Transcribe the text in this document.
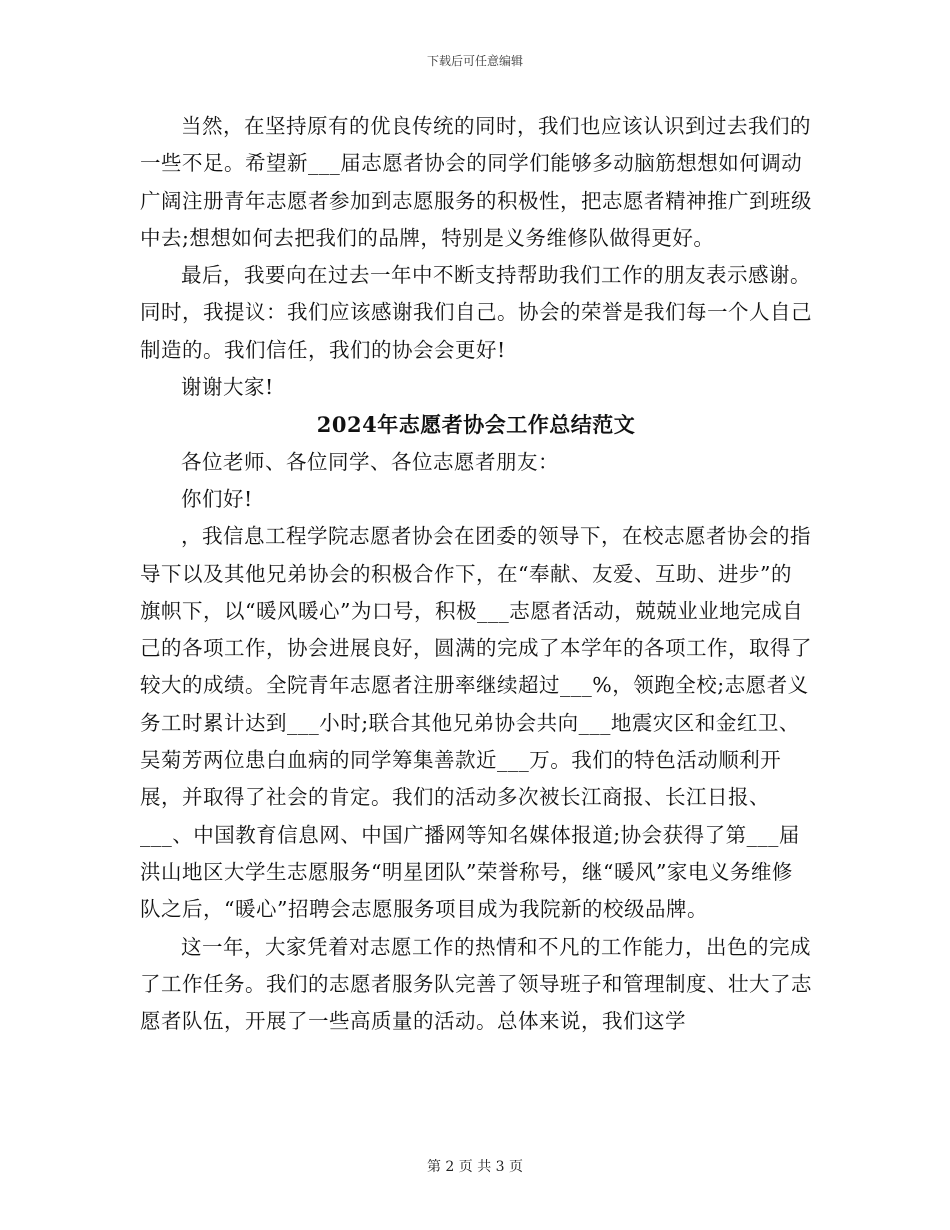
下载后可任意编辑

当然，在坚持原有的优良传统的同时，我们也应该认识到过去我们的一些不足。希望新___届志愿者协会的同学们能够多动脑筋想想如何调动广阔注册青年志愿者参加到志愿服务的积极性，把志愿者精神推广到班级中去;想想如何去把我们的品牌，特别是义务维修队做得更好。

最后，我要向在过去一年中不断支持帮助我们工作的朋友表示感谢。同时，我提议：我们应该感谢我们自己。协会的荣誉是我们每一个人自己制造的。我们信任，我们的协会会更好!

谢谢大家!

2024年志愿者协会工作总结范文

各位老师、各位同学、各位志愿者朋友：

你们好!

，我信息工程学院志愿者协会在团委的领导下，在校志愿者协会的指导下以及其他兄弟协会的积极合作下，在“奉献、友爱、互助、进步”的旗帜下，以“暖风暖心”为口号，积极___志愿者活动，兢兢业业地完成自己的各项工作，协会进展良好，圆满的完成了本学年的各项工作，取得了较大的成绩。全院青年志愿者注册率继续超过___%，领跑全校;志愿者义务工时累计达到___小时;联合其他兄弟协会共向___地震灾区和金红卫、吴菊芳两位患白血病的同学筹集善款近___万。我们的特色活动顺利开展，并取得了社会的肯定。我们的活动多次被长江商报、长江日报、___、中国教育信息网、中国广播网等知名媒体报道;协会获得了第___届洪山地区大学生志愿服务“明星团队”荣誉称号，继“暖风”家电义务维修队之后，“暖心”招聘会志愿服务项目成为我院新的校级品牌。

这一年，大家凭着对志愿工作的热情和不凡的工作能力，出色的完成了工作任务。我们的志愿者服务队完善了领导班子和管理制度、壮大了志愿者队伍，开展了一些高质量的活动。总体来说，我们这学

第 2 页 共 3 页
